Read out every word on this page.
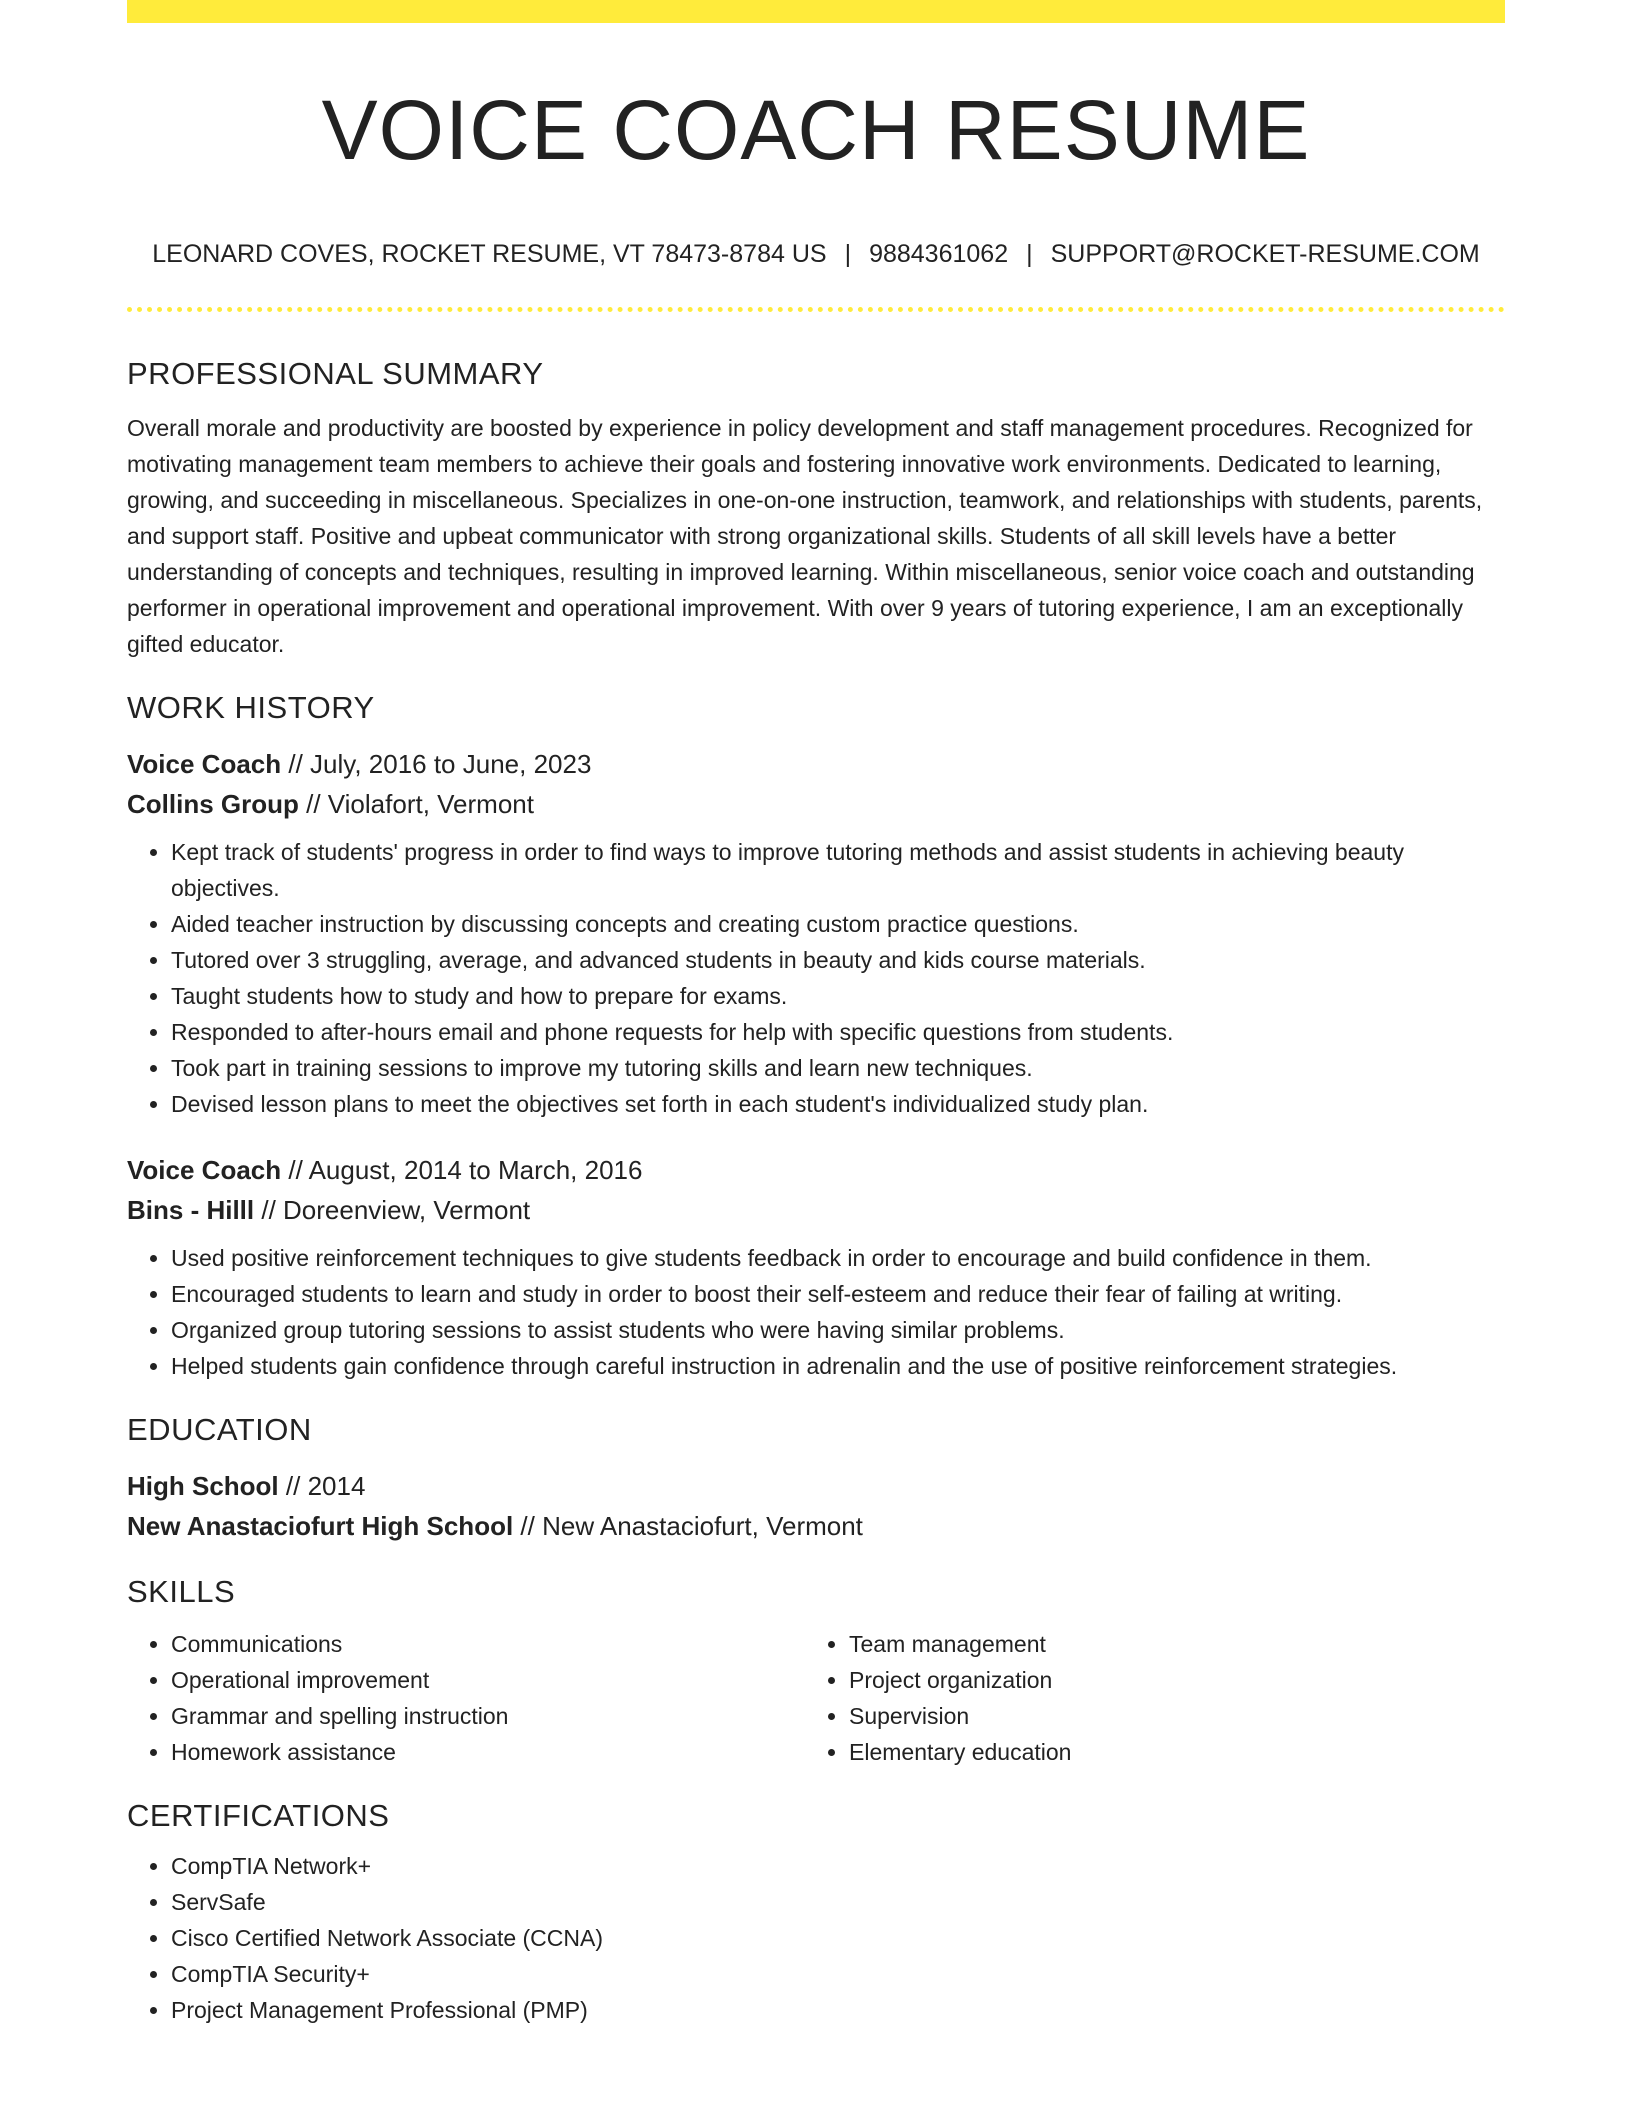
VOICE COACH RESUME
LEONARD COVES, ROCKET RESUME, VT 78473-8784 US | 9884361062 | SUPPORT@ROCKET-RESUME.COM
PROFESSIONAL SUMMARY

Overall morale and productivity are boosted by experience in policy development and staff management procedures. Recognized for motivating management team members to achieve their goals and fostering innovative work environments. Dedicated to learning, growing, and succeeding in miscellaneous. Specializes in one-on-one instruction, teamwork, and relationships with students, parents, and support staff. Positive and upbeat communicator with strong organizational skills. Students of all skill levels have a better understanding of concepts and techniques, resulting in improved learning. Within miscellaneous, senior voice coach and outstanding performer in operational improvement and operational improvement. With over 9 years of tutoring experience, I am an exceptionally gifted educator.

WORK HISTORY

Voice Coach // July, 2016 to June, 2023

Collins Group // Violafort, Vermont

• Kept track of students' progress in order to find ways to improve tutoring methods and assist students in achieving beauty objectives.
• Aided teacher instruction by discussing concepts and creating custom practice questions.
• Tutored over 3 struggling, average, and advanced students in beauty and kids course materials.
• Taught students how to study and how to prepare for exams.
• Responded to after-hours email and phone requests for help with specific questions from students.
• Took part in training sessions to improve my tutoring skills and learn new techniques.
• Devised lesson plans to meet the objectives set forth in each student's individualized study plan.

Voice Coach // August, 2014 to March, 2016

Bins - Hilll // Doreenview, Vermont

• Used positive reinforcement techniques to give students feedback in order to encourage and build confidence in them.
• Encouraged students to learn and study in order to boost their self-esteem and reduce their fear of failing at writing.
• Organized group tutoring sessions to assist students who were having similar problems.
• Helped students gain confidence through careful instruction in adrenalin and the use of positive reinforcement strategies.
EDUCATION

High School // 2014

New Anastaciofurt High School // New Anastaciofurt, Vermont

SKILLS
• Communications
• Operational improvement
• Grammar and spelling instruction
• Homework assistance
• Team management
• Project organization
• Supervision
• Elementary education
CERTIFICATIONS
• CompTIA Network+
• ServSafe
• Cisco Certified Network Associate (CCNA)
• CompTIA Security+
• Project Management Professional (PMP)
